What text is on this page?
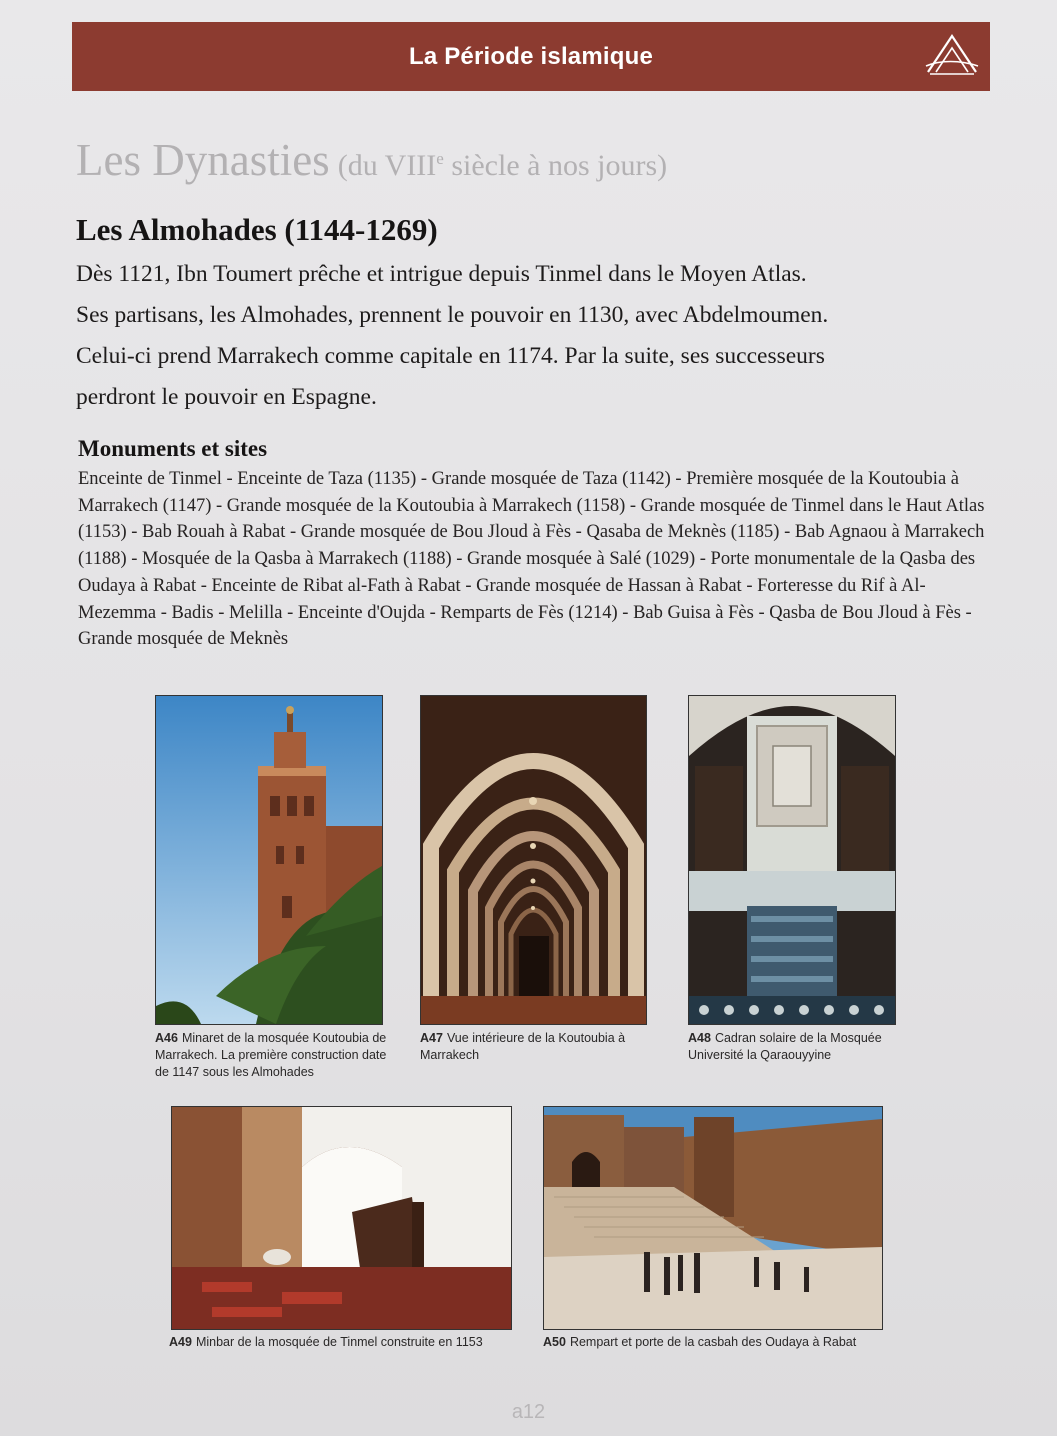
La Période islamique
Les Dynasties (du VIIIe siècle à nos jours)
Les Almohades (1144-1269)

Dès 1121, Ibn Toumert prêche et intrigue depuis Tinmel dans le Moyen Atlas.

Ses partisans, les Almohades, prennent le pouvoir en 1130, avec Abdelmoumen.

Celui-ci prend Marrakech comme capitale en 1174. Par la suite, ses successeurs

perdront le pouvoir en Espagne.

Monuments et sites
Enceinte de Tinmel - Enceinte de Taza (1135) - Grande mosquée de Taza (1142) - Première mosquée de la Koutoubia à Marrakech (1147) - Grande mosquée de la Koutoubia à Marrakech (1158) - Grande mosquée de Tinmel dans le Haut Atlas (1153) - Bab Rouah à Rabat - Grande mosquée de Bou Jloud à Fès - Qasaba de Meknès (1185) - Bab Agnaou à Marrakech (1188) - Mosquée de la Qasba à Marrakech (1188) - Grande mosquée à Salé (1029) - Porte monumentale de la Qasba des Oudaya à Rabat - Enceinte de Ribat al-Fath à Rabat - Grande mosquée de Hassan à Rabat - Forteresse du Rif à Al-Mezemma - Badis - Melilla - Enceinte d'Oujda - Remparts de Fès (1214) - Bab Guisa à Fès - Qasba de Bou Jloud à Fès - Grande mosquée de Meknès
A46 Minaret de la mosquée Koutoubia de Marrakech. La première construction date de 1147 sous les Almohades
A47 Vue intérieure de la Koutoubia à Marrakech
A48 Cadran solaire de la Mosquée Université la Qaraouyyine
A49 Minbar de la mosquée de Tinmel construite en 1153	A50 Rempart et porte de la casbah des Oudaya à Rabat
a12
